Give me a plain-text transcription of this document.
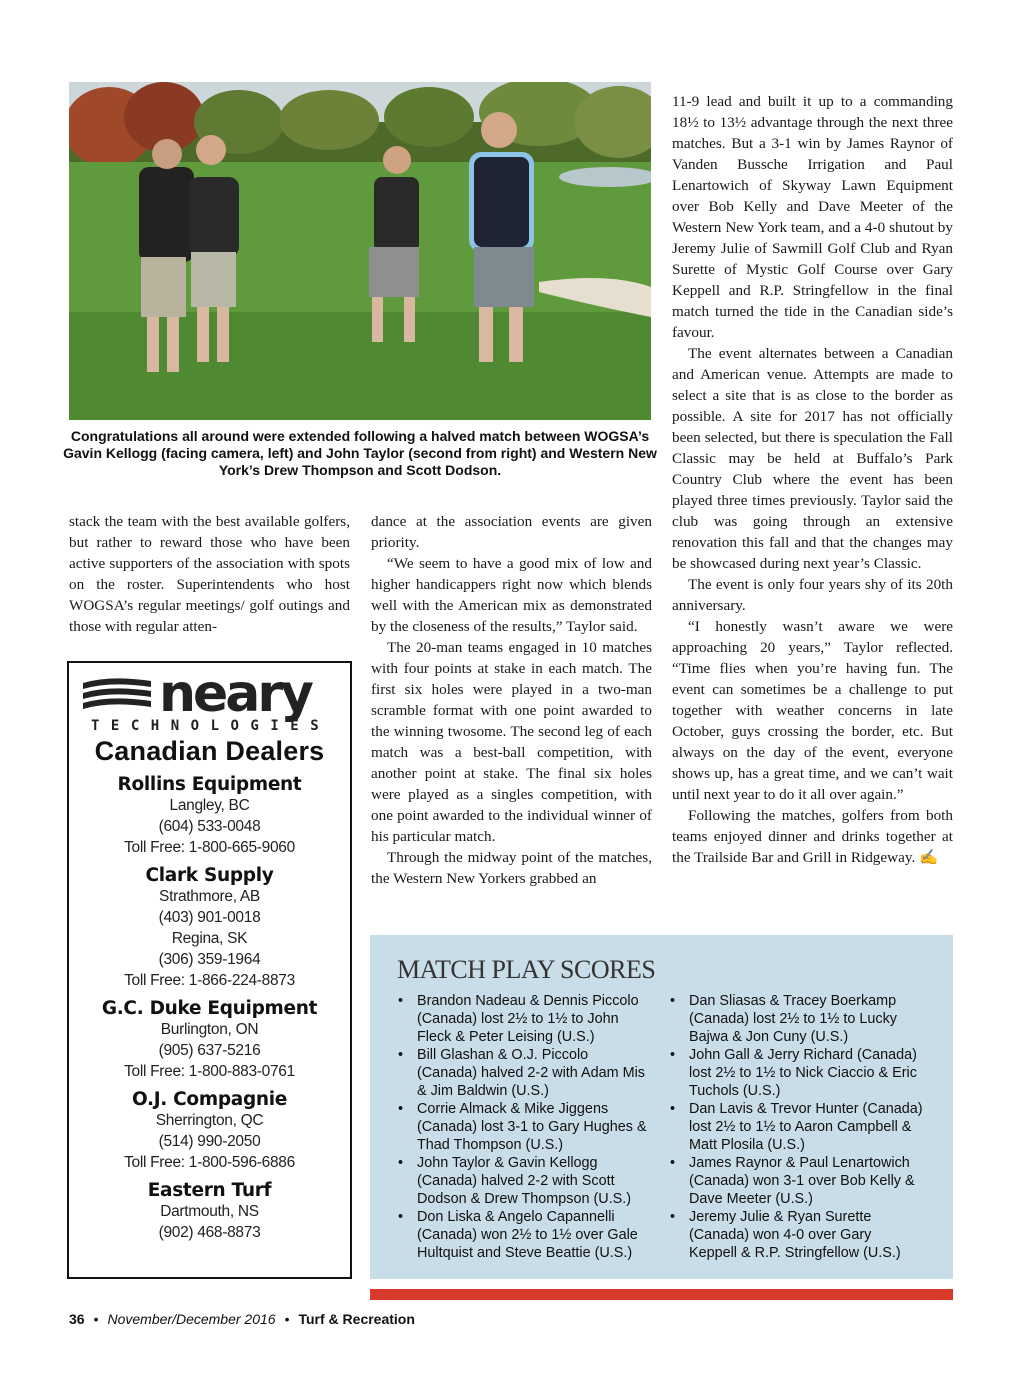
Congratulations all around were extended following a halved match between WOGSA’s Gavin Kellogg (facing camera, left) and John Taylor (second from right) and Western New York’s Drew Thompson and Scott Dodson.

stack the team with the best available golfers, but rather to reward those who have been active supporters of the association with spots on the roster. Superintendents who host WOGSA’s regular meetings/ golf outings and those with regular atten-

dance at the association events are given priority.

“We seem to have a good mix of low and higher handicappers right now which blends well with the American mix as demonstrated by the closeness of the results,” Taylor said.

The 20-man teams engaged in 10 matches with four points at stake in each match. The first six holes were played in a two-man scramble format with one point awarded to the winning twosome. The second leg of each match was a best-ball competition, with another point at stake. The final six holes were played as a singles competition, with one point awarded to the individual winner of his particular match.

Through the midway point of the matches, the Western New Yorkers grabbed an

11-9 lead and built it up to a commanding 18½ to 13½ advantage through the next three matches. But a 3-1 win by James Raynor of Vanden Bussche Irrigation and Paul Lenartowich of Skyway Lawn Equipment over Bob Kelly and Dave Meeter of the Western New York team, and a 4-0 shutout by Jeremy Julie of Sawmill Golf Club and Ryan Surette of Mystic Golf Course over Gary Keppell and R.P. Stringfellow in the final match turned the tide in the Canadian side’s favour.

The event alternates between a Canadian and American venue. Attempts are made to select a site that is as close to the border as possible. A site for 2017 has not officially been selected, but there is speculation the Fall Classic may be held at Buffalo’s Park Country Club where the event has been played three times previously. Taylor said the club was going through an extensive renovation this fall and that the changes may be showcased during next year’s Classic.

The event is only four years shy of its 20th anniversary.

“I honestly wasn’t aware we were approaching 20 years,” Taylor reflected. “Time flies when you’re having fun. The event can sometimes be a challenge to put together with weather concerns in late October, guys crossing the border, etc. But always on the day of the event, everyone shows up, has a great time, and we can’t wait until next year to do it all over again.”

Following the matches, golfers from both teams enjoyed dinner and drinks together at the Trailside Bar and Grill in Ridgeway. ✍

neary
TECHNOLOGIES
Canadian Dealers
Rollins Equipment
Langley, BC
(604) 533-0048
Toll Free: 1-800-665-9060
Clark Supply
Strathmore, AB
(403) 901-0018
Regina, SK
(306) 359-1964
Toll Free: 1-866-224-8873
G.C. Duke Equipment
Burlington, ON
(905) 637-5216
Toll Free: 1-800-883-0761
O.J. Compagnie
Sherrington, QC
(514) 990-2050
Toll Free: 1-800-596-6886
Eastern Turf
Dartmouth, NS
(902) 468-8873
MATCH PLAY SCORES
• Brandon Nadeau & Dennis Piccolo (Canada) lost 2½ to 1½ to John Fleck & Peter Leising (U.S.)
• Bill Glashan & O.J. Piccolo (Canada) halved 2-2 with Adam Mis & Jim Baldwin (U.S.)
• Corrie Almack & Mike Jiggens (Canada) lost 3-1 to Gary Hughes & Thad Thompson (U.S.)
• John Taylor & Gavin Kellogg (Canada) halved 2-2 with Scott Dodson & Drew Thompson (U.S.)
• Don Liska & Angelo Capannelli (Canada) won 2½ to 1½ over Gale Hultquist and Steve Beattie (U.S.)
• Dan Sliasas & Tracey Boerkamp (Canada) lost 2½ to 1½ to Lucky Bajwa & Jon Cuny (U.S.)
• John Gall & Jerry Richard (Canada) lost 2½ to 1½ to Nick Ciaccio & Eric Tuchols (U.S.)
• Dan Lavis & Trevor Hunter (Canada) lost 2½ to 1½ to Aaron Campbell & Matt Plosila (U.S.)
• James Raynor & Paul Lenartowich (Canada) won 3-1 over Bob Kelly & Dave Meeter (U.S.)
• Jeremy Julie & Ryan Surette (Canada) won 4-0 over Gary Keppell & R.P. Stringfellow (U.S.)
36 • November/December 2016 • Turf & Recreation
